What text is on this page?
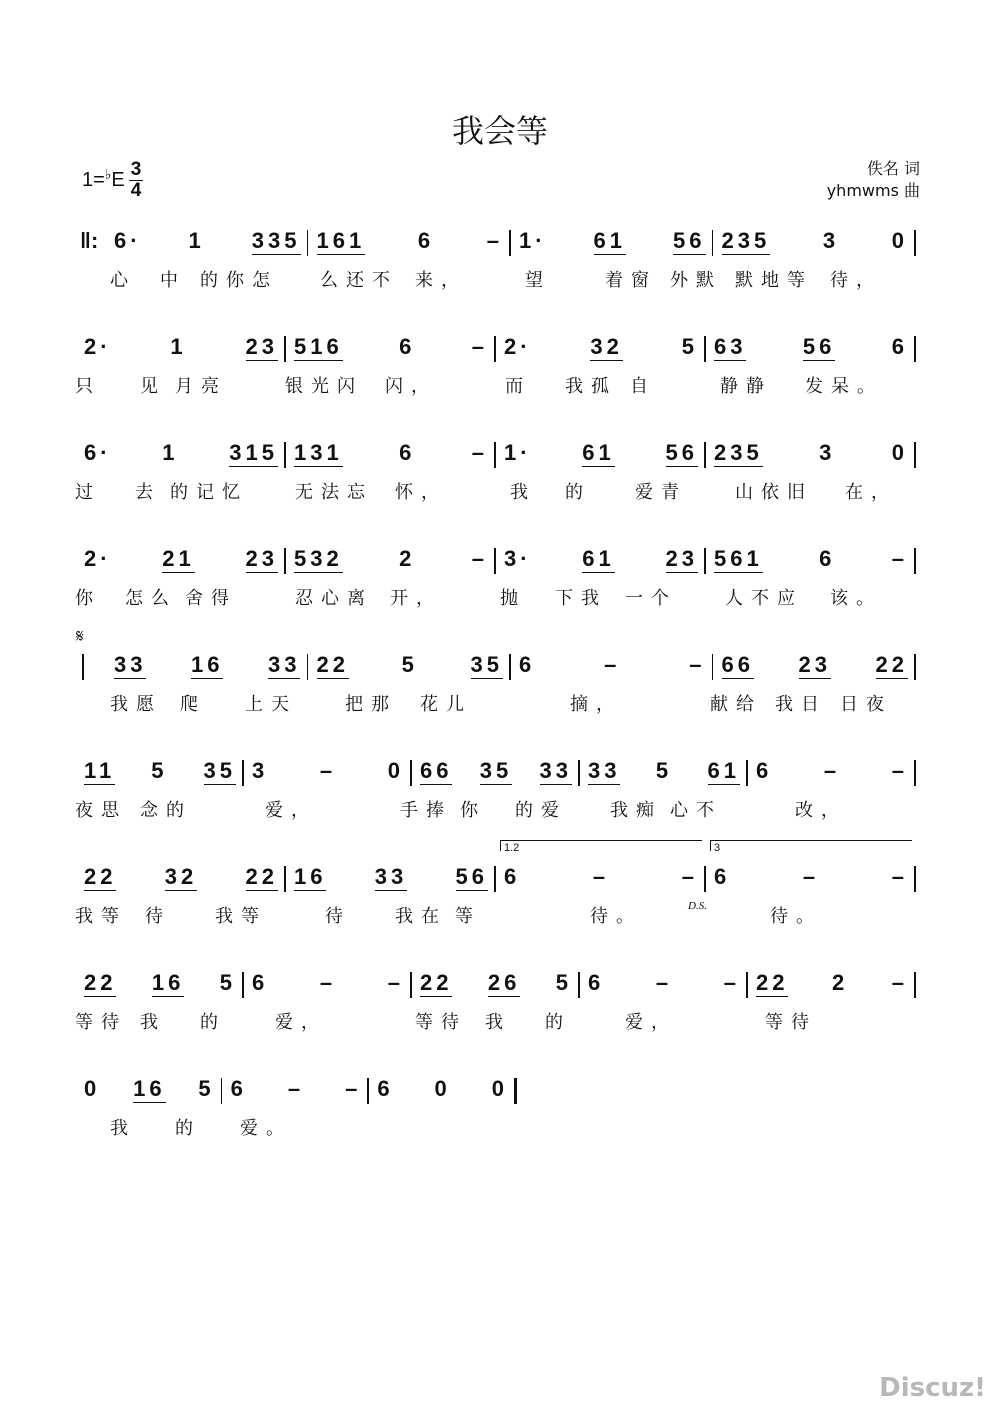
我会等
1= ♭ E $\frac{3}{4}$	佚名 词
yhmwms 曲
‖: 6· 1 335 161 6 – 1· 61 56 235 3 0
心 中 的你怎 么还不 来，	望	着窗 外默 默地等 待，
2·	1	23 516	6	– 2·	32	5 63	56	6
只 见 月亮	银光闪 闪，	而 我孤 自	静静 发呆。
6· 1 315 131	6	– 1· 61 56 235	3	0
过 去 的记忆	无法忘 怀，	我 的 爱青	山依旧 在，
2· 21 23 532	2	– 3· 61 23 561	6	–
你 怎么 舍得	忍心离 开，	抛 下我 一个	人不应 该。
𝄋
33 16 33 22 5 35 6	–	– 66 23 22
我愿 爬 上天	把那 花儿	摘，	献给 我日 日夜
11 5 35 3 – 0 66 35 33 33 5 61 6 – –
夜思 念的	爱，	手捧 你 的爱 我痴 心不	改，
1.2	3
D.S.
22 32 22 16 33 56 6	–	– 6	–	–
我等 待 我等	待 我在 等	待。	待。
22 16 5 6 – – 22 26 5 6 – – 22 2 –
等待 我 的	爱，	等待 我 的	爱，	等待
0 16 5 6 – – 6 0 0
我 的 爱。
Discuz!
